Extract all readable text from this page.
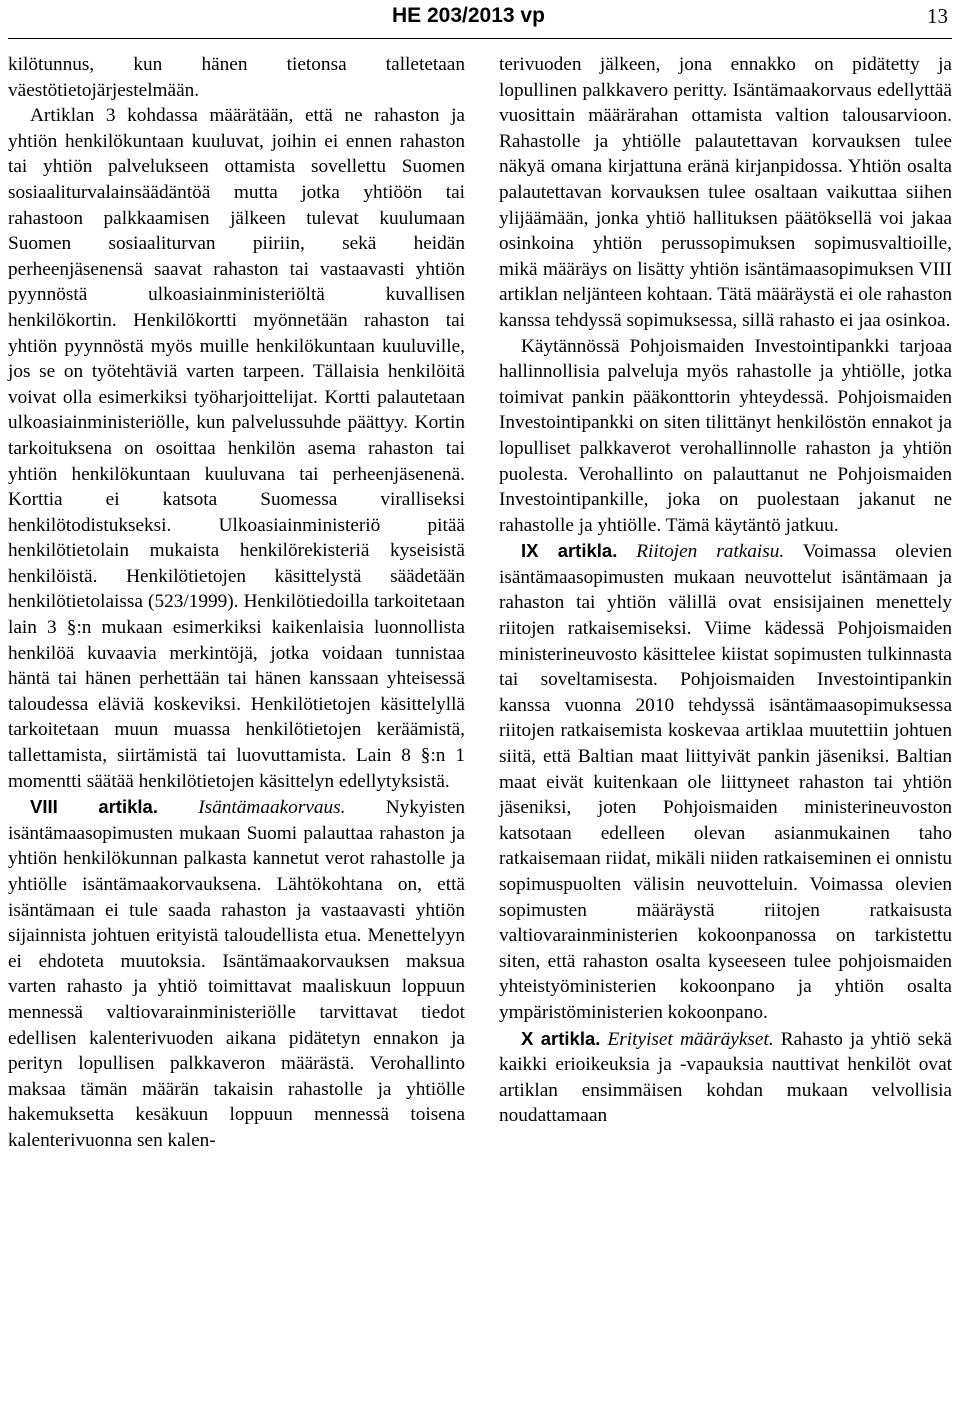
HE 203/2013 vp	13

kilötunnus, kun hänen tietonsa talletetaan väestötietojärjestelmään.

Artiklan 3 kohdassa määrätään, että ne rahaston ja yhtiön henkilökuntaan kuuluvat, joihin ei ennen rahaston tai yhtiön palvelukseen ottamista sovellettu Suomen sosiaaliturvalainsäädäntöä mutta jotka yhtiöön tai rahastoon palkkaamisen jälkeen tulevat kuulumaan Suomen sosiaaliturvan piiriin, sekä heidän perheenjäsenensä saavat rahaston tai vastaavasti yhtiön pyynnöstä ulkoasiainministeriöltä kuvallisen henkilökortin. Henkilökortti myönnetään rahaston tai yhtiön pyynnöstä myös muille henkilökuntaan kuuluville, jos se on työtehtäviä varten tarpeen. Tällaisia henkilöitä voivat olla esimerkiksi työharjoittelijat. Kortti palautetaan ulkoasiainministeriölle, kun palvelussuhde päättyy. Kortin tarkoituksena on osoittaa henkilön asema rahaston tai yhtiön henkilökuntaan kuuluvana tai perheenjäsenenä. Korttia ei katsota Suomessa viralliseksi henkilötodistukseksi. Ulkoasiainministeriö pitää henkilötietolain mukaista henkilörekisteriä kyseisistä henkilöistä. Henkilötietojen käsittelystä säädetään henkilötietolaissa (523/1999). Henkilötiedoilla tarkoitetaan lain 3 §:n mukaan esimerkiksi kaikenlaisia luonnollista henkilöä kuvaavia merkintöjä, jotka voidaan tunnistaa häntä tai hänen perhettään tai hänen kanssaan yhteisessä taloudessa eläviä koskeviksi. Henkilötietojen käsittelyllä tarkoitetaan muun muassa henkilötietojen keräämistä, tallettamista, siirtämistä tai luovuttamista. Lain 8 §:n 1 momentti säätää henkilötietojen käsittelyn edellytyksistä.

VIII artikla. Isäntämaakorvaus. Nykyisten isäntämaasopimusten mukaan Suomi palauttaa rahaston ja yhtiön henkilökunnan palkasta kannetut verot rahastolle ja yhtiölle isäntämaakorvauksena. Lähtökohtana on, että isäntämaan ei tule saada rahaston ja vastaavasti yhtiön sijainnista johtuen erityistä taloudellista etua. Menettelyyn ei ehdoteta muutoksia. Isäntämaakorvauksen maksua varten rahasto ja yhtiö toimittavat maaliskuun loppuun mennessä valtiovarainministeriölle tarvittavat tiedot edellisen kalenterivuoden aikana pidätetyn ennakon ja perityn lopullisen palkkaveron määrästä. Verohallinto maksaa tämän määrän takaisin rahastolle ja yhtiölle hakemuksetta kesäkuun loppuun mennessä toisena kalenterivuonna sen kalen-

terivuoden jälkeen, jona ennakko on pidätetty ja lopullinen palkkavero peritty. Isäntämaakorvaus edellyttää vuosittain määrärahan ottamista valtion talousarvioon. Rahastolle ja yhtiölle palautettavan korvauksen tulee näkyä omana kirjattuna eränä kirjanpidossa. Yhtiön osalta palautettavan korvauksen tulee osaltaan vaikuttaa siihen ylijäämään, jonka yhtiö hallituksen päätöksellä voi jakaa osinkoina yhtiön perussopimuksen sopimusvaltioille, mikä määräys on lisätty yhtiön isäntämaasopimuksen VIII artiklan neljänteen kohtaan. Tätä määräystä ei ole rahaston kanssa tehdyssä sopimuksessa, sillä rahasto ei jaa osinkoa.

Käytännössä Pohjoismaiden Investointipankki tarjoaa hallinnollisia palveluja myös rahastolle ja yhtiölle, jotka toimivat pankin pääkonttorin yhteydessä. Pohjoismaiden Investointipankki on siten tilittänyt henkilöstön ennakot ja lopulliset palkkaverot verohallinnolle rahaston ja yhtiön puolesta. Verohallinto on palauttanut ne Pohjoismaiden Investointipankille, joka on puolestaan jakanut ne rahastolle ja yhtiölle. Tämä käytäntö jatkuu.

IX artikla. Riitojen ratkaisu. Voimassa olevien isäntämaasopimusten mukaan neuvottelut isäntämaan ja rahaston tai yhtiön välillä ovat ensisijainen menettely riitojen ratkaisemiseksi. Viime kädessä Pohjoismaiden ministerineuvosto käsittelee kiistat sopimusten tulkinnasta tai soveltamisesta. Pohjoismaiden Investointipankin kanssa vuonna 2010 tehdyssä isäntämaasopimuksessa riitojen ratkaisemista koskevaa artiklaa muutettiin johtuen siitä, että Baltian maat liittyivät pankin jäseniksi. Baltian maat eivät kuitenkaan ole liittyneet rahaston tai yhtiön jäseniksi, joten Pohjoismaiden ministerineuvoston katsotaan edelleen olevan asianmukainen taho ratkaisemaan riidat, mikäli niiden ratkaiseminen ei onnistu sopimuspuolten välisin neuvotteluin. Voimassa olevien sopimusten määräystä riitojen ratkaisusta valtiovarainministerien kokoonpanossa on tarkistettu siten, että rahaston osalta kyseeseen tulee pohjoismaiden yhteistyöministerien kokoonpano ja yhtiön osalta ympäristöministerien kokoonpano.

X artikla. Erityiset määräykset. Rahasto ja yhtiö sekä kaikki erioikeuksia ja -vapauksia nauttivat henkilöt ovat artiklan ensimmäisen kohdan mukaan velvollisia noudattamaan
